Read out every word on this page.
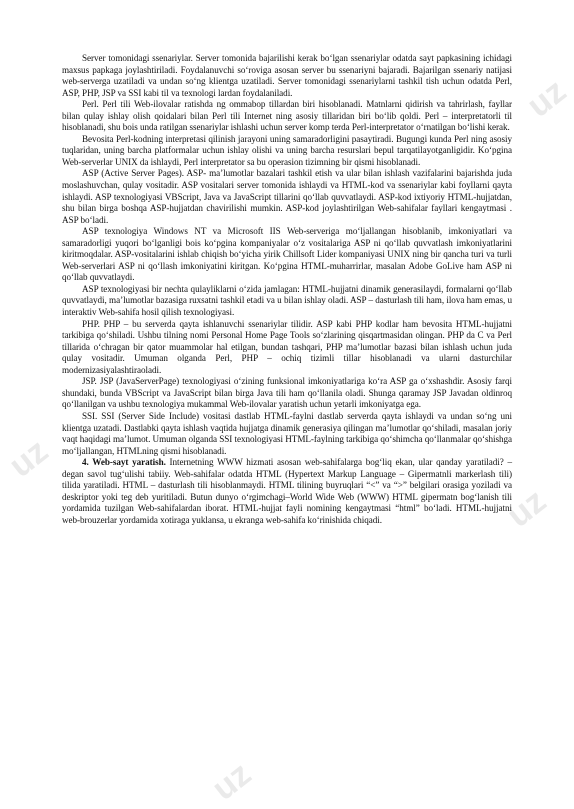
uz
uz
uz
uz

Server tomonidagi ssenariylar. Server tomonida bajarilishi kerak bo‘lgan ssenariylar odatda sayt papkasining ichidagi maxsus papkaga joylashtiriladi. Foydalanuvchi so‘roviga asosan server bu ssenariyni bajaradi. Bajarilgan ssenariy natijasi web-serverga uzatiladi va undan so‘ng klientga uzatiladi. Server tomonidagi ssenariylarni tashkil tish uchun odatda Perl, ASP, PHP, JSP va SSI kabi til va texnologi lardan foydalaniladi.

Perl. Perl tili Web-ilovalar ratishda ng ommabop tillardan biri hisoblanadi. Matnlarni qidirish va tahrirlash, fayllar bilan qulay ishlay olish qoidalari bilan Perl tili Internet ning asosiy tillaridan biri bo‘lib qoldi. Perl – interpretatorli til hisoblanadi, shu bois unda ratilgan ssenariylar ishlashi uchun server komp terda Perl-interpretator o‘rnatilgan bo‘lishi kerak.

Bevosita Perl-kodning interpretasi qilinish jarayoni uning samaradorligini pasaytiradi. Bugungi kunda Perl ning asosiy tuqlaridan, uning barcha platformalar uchun ishlay olishi va uning barcha resurslari bepul tarqatilayotganligidir. Ko‘pgina Web-serverlar UNIX da ishlaydi, Perl interpretator sa bu operasion tizimning bir qismi hisoblanadi.

ASP (Active Server Pages). ASP- ma’lumotlar bazalari tashkil etish va ular bilan ishlash vazifalarini bajarishda juda moslashuvchan, qulay vositadir. ASP vositalari server tomonida ishlaydi va HTML-kod va ssenariylar kabi foyllarni qayta ishlaydi. ASP texnologiyasi VBScript, Java va JavaScript tillarini qo‘llab quvvatlaydi. ASP-kod ixtiyoriy HTML-hujjatdan, shu bilan birga boshqa ASP-hujjatdan chavirilishi mumkin. ASP-kod joylashtirilgan Web-sahifalar fayllari kengaytmasi . ASP bo‘ladi.

ASP texnologiya Windows NT va Microsoft IIS Web-serveriga mo‘ljallangan hisoblanib, imkoniyatlari va samaradorligi yuqori bo‘lganligi bois ko‘pgina kompaniyalar o‘z vositalariga ASP ni qo‘llab quvvatlash imkoniyatlarini kiritmoqdalar. ASP-vositalarini ishlab chiqish bo‘yicha yirik Chillsoft Lider kompaniyasi UNIX ning bir qancha turi va turli Web-serverlari ASP ni qo‘llash imkoniyatini kiritgan. Ko‘pgina HTML-muharrirlar, masalan Adobe GoLive ham ASP ni qo‘llab quvvatlaydi.

ASP texnologiyasi bir nechta qulayliklarni o‘zida jamlagan: HTML-hujjatni dinamik generasilaydi, formalarni qo‘llab quvvatlaydi, ma’lumotlar bazasiga ruxsatni tashkil etadi va u bilan ishlay oladi. ASP – dasturlash tili ham, ilova ham emas, u interaktiv Web-sahifa hosil qilish texnologiyasi.

PHP. PHP – bu serverda qayta ishlanuvchi ssenariylar tilidir. ASP kabi PHP kodlar ham bevosita HTML-hujjatni tarkibiga qo‘shiladi. Ushbu tilning nomi Personal Home Page Tools so‘zlarining qisqartmasidan olingan. PHP da C va Perl tillarida o‘chragan bir qator muammolar hal etilgan, bundan tashqari, PHP ma’lumotlar bazasi bilan ishlash uchun juda qulay vositadir. Umuman olganda Perl, PHP – ochiq tizimli tillar hisoblanadi va ularni dasturchilar modernizasiyalashtiraoladi.

JSP. JSP (JavaServerPage) texnologiyasi o‘zining funksional imkoniyatlariga ko‘ra ASP ga o‘xshashdir. Asosiy farqi shundaki, bunda VBScript va JavaScript bilan birga Java tili ham qo‘llanila oladi. Shunga qaramay JSP Javadan oldinroq qo‘llanilgan va ushbu texnologiya mukammal Web-ilovalar yaratish uchun yetarli imkoniyatga ega.

SSI. SSI (Server Side Include) vositasi dastlab HTML-faylni dastlab serverda qayta ishlaydi va undan so‘ng uni klientga uzatadi. Dastlabki qayta ishlash vaqtida hujjatga dinamik generasiya qilingan ma’lumotlar qo‘shiladi, masalan joriy vaqt haqidagi ma’lumot. Umuman olganda SSI texnologiyasi HTML-faylning tarkibiga qo‘shimcha qo‘llanmalar qo‘shishga mo‘ljallangan, HTMLning qismi hisoblanadi.

4. Web-sayt yaratish. Internetning WWW hizmati asosan web-sahifalarga bog‘liq ekan, ular qanday yaratiladi? – degan savol tug‘ulishi tabiiy. Web-sahifalar odatda HTML (Hypertext Markup Language – Gipermatnli markerlash tili) tilida yaratiladi. HTML – dasturlash tili hisoblanmaydi. HTML tilining buyruqlari “<” va “>” belgilari orasiga yoziladi va deskriptor yoki teg deb yuritiladi. Butun dunyo o‘rgimchagi–World Wide Web (WWW) HTML gipermatn bog‘lanish tili yordamida tuzilgan Web-sahifalardan iborat. HTML-hujjat fayli nomining kengaytmasi “html” bo‘ladi. HTML-hujjatni web-brouzerlar yordamida xotiraga yuklansa, u ekranga web-sahifa ko‘rinishida chiqadi.
